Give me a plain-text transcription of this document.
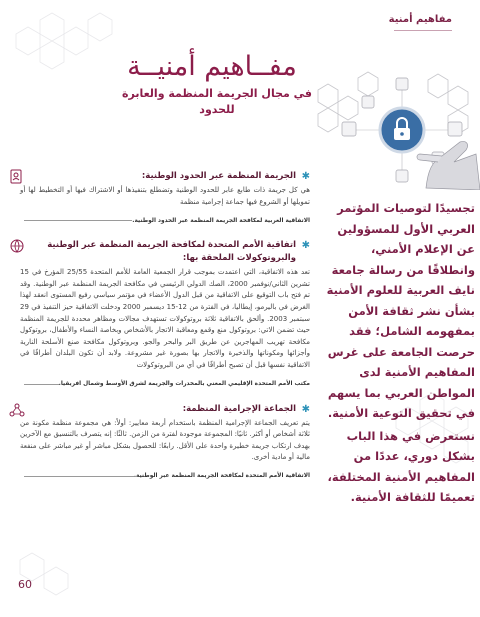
مفاهيم أمنية
مفــاهيم أمنيــة
في مجال الجريمة المنظمة والعابرة للحدود

تجسيدًا لتوصيات المؤتمر العربي الأول للمسؤولين عن الإعلام الأمني، وانطلاقًا من رسالة جامعة نايف العربية للعلوم الأمنية بشأن نشر ثقافة الأمن بمفهومه الشامل؛ فقد حرصت الجامعة على غرس المفاهيم الأمنية لدى المواطن العربي بما يسهم في تحقيق التوعية الأمنية.

نستعرض في هذا الباب بشكل دوري، عددًا من المفاهيم الأمنية المختلفة، تعميمًا للثقافة الأمنية.

✱
الجريمة المنظمة عبر الحدود الوطنية:
هي كل جريمة ذات طابع عابر للحدود الوطنية وتضطلع بتنفيذها أو الاشتراك فيها أو التخطيط لها أو تمويلها أو الشروع فيها جماعة إجرامية منظمة
الاتفاقية العربية لمكافحة الجريمة المنظمة عبر الحدود الوطنية.
✱
اتفاقية الأمم المتحدة لمكافحة الجريمة المنظمة عبر الوطنية والبروتوكولات الملحقة بها:
تعد هذه الاتفاقية، التي اعتمدت بموجب قرار الجمعية العامة للأمم المتحدة 25/55 المؤرخ في 15 تشرين الثاني/نوفمبر 2000، الصك الدولي الرئيسي في مكافحة الجريمة المنظمة عبر الوطنية. وقد تم فتح باب التوقيع على الاتفاقية من قبل الدول الأعضاء في مؤتمر سياسي رفيع المستوى انعقد لهذا الغرض في باليرمو، إيطاليا، في الفترة من 12-15 ديسمبر 2000 ودخلت الاتفاقية حيز التنفيذ في 29 سبتمبر 2003. وألحق بالاتفاقية ثلاثة بروتوكولات تستهدف مجالات ومظاهر محددة للجريمة المنظمة حيث تضمن الاتي: بروتوكول منع وقمع ومعاقبة الاتجار بالأشخاص وبخاصة النساء والأطفال، بروتوكول مكافحة تهريب المهاجرين عن طريق البر والبحر والجو. وبروتوكول مكافحة صنع الأسلحة النارية وأجزائها ومكوناتها والذخيرة والاتجار بها بصورة غير مشروعة. ولابد أن تكون البلدان أطرافًا في الاتفاقية نفسها قبل أن تصبح أطرافًا في أي من البروتوكولات
مكتب الأمم المتحدة الإقليمي المعني بالمخدرات والجريمة لشرق الأوسط وشمال افريقيا.
✱
الجماعة الإجرامية المنظمة:
يتم تعريف الجماعة الإجرامية المنظمة باستخدام أربعة معايير: أولاً: هي مجموعة منظمة مكونة من ثلاثة أشخاص أو أكثر. ثانيًا: المجموعة موجودة لفترة من الزمن. ثالثًا: إنه يتصرف بالتنسيق مع الآخرين بهدف ارتكاب جريمة خطيرة واحدة على الأقل. رابعًا: للحصول بشكل مباشر أو غير مباشر على منفعة مالية أو مادية أخرى.
الاتفاقية الأمم المتحدة لمكافحة الجريمة المنظمة عبر الوطنية.
60
